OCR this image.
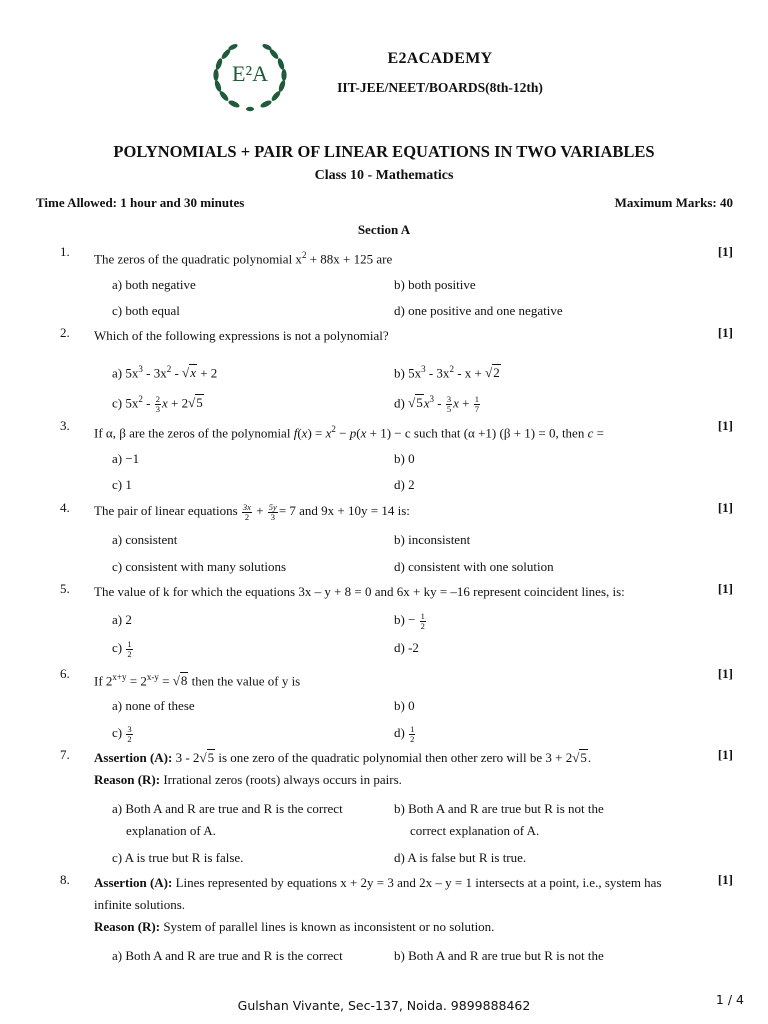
E²A
E2ACADEMY
IIT-JEE/NEET/BOARDS(8th-12th)
POLYNOMIALS + PAIR OF LINEAR EQUATIONS IN TWO VARIABLES
Class 10 - Mathematics
Time Allowed: 1 hour and 30 minutes	Maximum Marks: 40
Section A
1. The zeros of the quadratic polynomial $x^2 + 88x + 125$ are	[1]
a) both negative	b) both positive
c) both equal	d) one positive and one negative
2. Which of the following expressions is not a polynomial?	[1]
a) $5x^3 - 3x^2 - √x + 2$	b) $5x^3 - 3x^2 - x + √2$
c) $5x^2 - \frac{2}{3}$ x + 2√5	d) $√5x^3 - \frac{3}{5}$ $x + \frac{1}{7}$
3. If α, β are the zeros of the polynomial $f(x) = x^2 - p(x + 1) - c$ such that (α +1) (β + 1) = 0, then c =	[1]
a) −1	b) 0
c) 1	d) 2
4. The pair of linear equations $\frac{3x}{2} + \frac{5y}{3} = 7$ and 9x + 10y = 14 is:	[1]
a) consistent	b) inconsistent
c) consistent with many solutions	d) consistent with one solution
5. The value of k for which the equations 3x – y + 8 = 0 and 6x + ky = –16 represent coincident lines, is:	[1]
a) 2	$b) - \frac{1}{2}$
$c) \frac{1}{2}$	d) -2
6. If $2^{x+y} = 2^{x-y} = √8$ then the value of y is	[1]
a) none of these	b) 0
$c) \frac{3}{2}$	$d) \frac{1}{2}$
7. Assertion (A): 3 - 2√5 is one zero of the quadratic polynomial then other zero will be 3 + 2√5.	[1]
Reason (R): Irrational zeros (roots) always occurs in pairs.
a) Both A and R are true and R is the correct
explanation of A.
b) Both A and R are true but R is not the
correct explanation of A.
c) A is true but R is false.	d) A is false but R is true.
8. Assertion (A): Lines represented by equations x + 2y = 3 and 2x – y = 1 intersects at a point, i.e., system has	[1]
infinite solutions.
Reason (R): System of parallel lines is known as inconsistent or no solution.
a) Both A and R are true and R is the correct	b) Both A and R are true but R is not the
Gulshan Vivante, Sec-137, Noida. 9899888462	1 / 4
